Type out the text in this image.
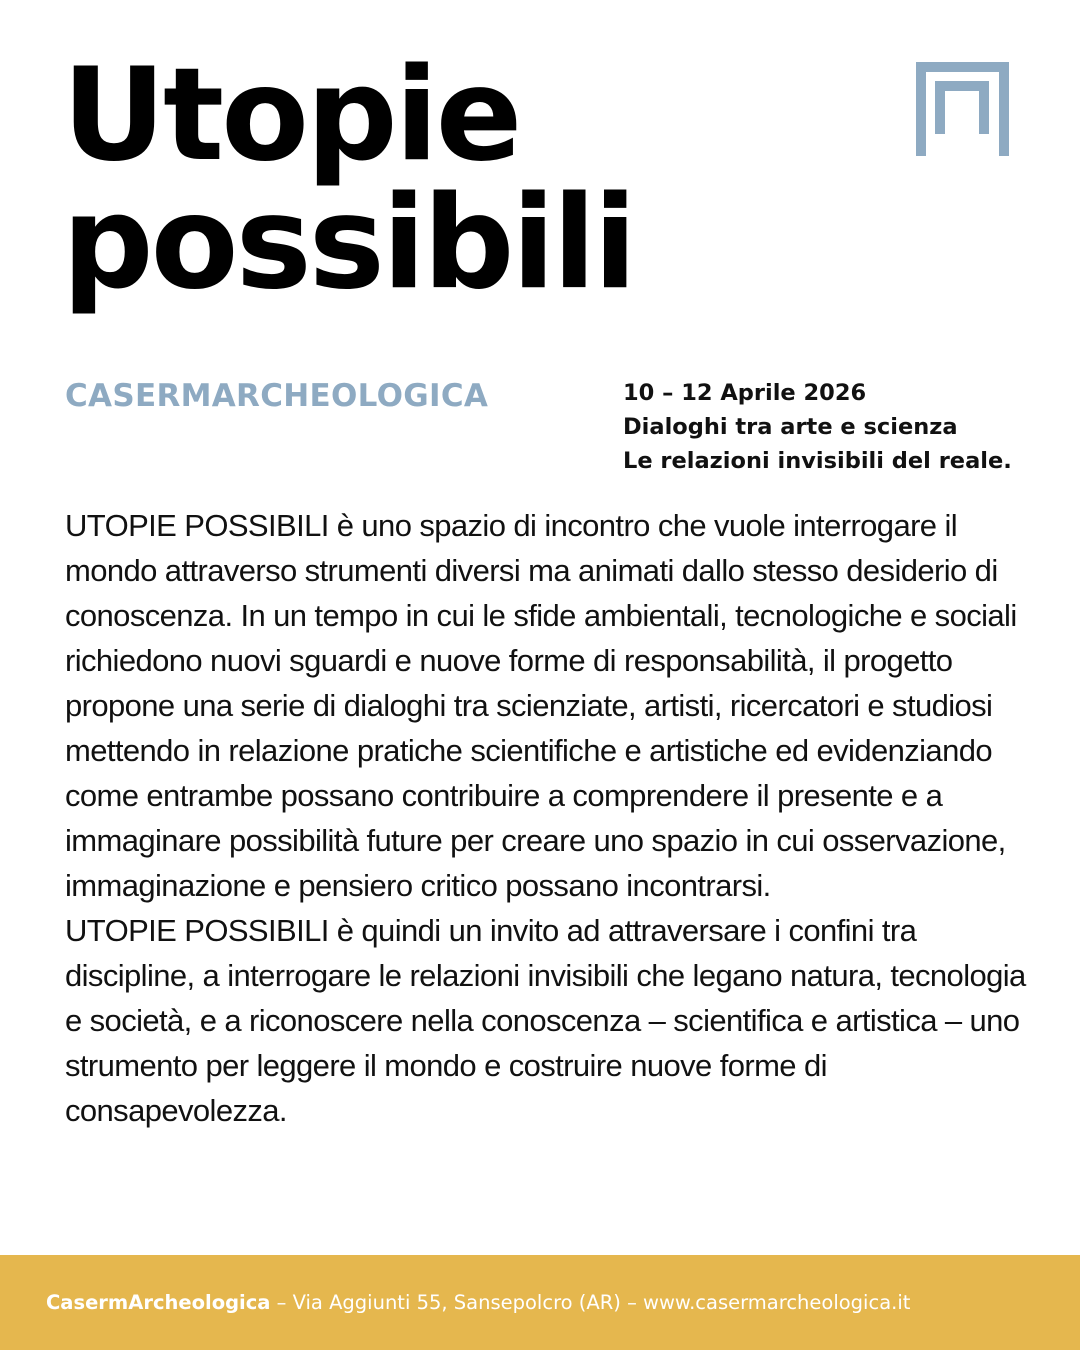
Utopie
possibili
CASERMARCHEOLOGICA	10 – 12 Aprile 2026
Dialoghi tra arte e scienza
Le relazioni invisibili del reale.

UTOPIE POSSIBILI è uno spazio di incontro che vuole interrogare il mondo attraverso strumenti diversi ma animati dallo stesso desiderio di conoscenza. In un tempo in cui le sfide ambientali, tecnologiche e sociali richiedono nuovi sguardi e nuove forme di responsabilità, il progetto propone una serie di dialoghi tra scienziate, artisti, ricercatori e studiosi mettendo in relazione pratiche scientifiche e artistiche ed evidenziando come entrambe possano contribuire a comprendere il presente e a immaginare possibilità future per creare uno spazio in cui osservazione, immaginazione e pensiero critico possano incontrarsi.

UTOPIE POSSIBILI è quindi un invito ad attraversare i confini tra discipline, a interrogare le relazioni invisibili che legano natura, tecnologia e società, e a riconoscere nella conoscenza – scientifica e artistica – uno strumento per leggere il mondo e costruire nuove forme di consapevolezza.

CasermArcheologica – Via Aggiunti 55, Sansepolcro (AR) – www.casermarcheologica.it
